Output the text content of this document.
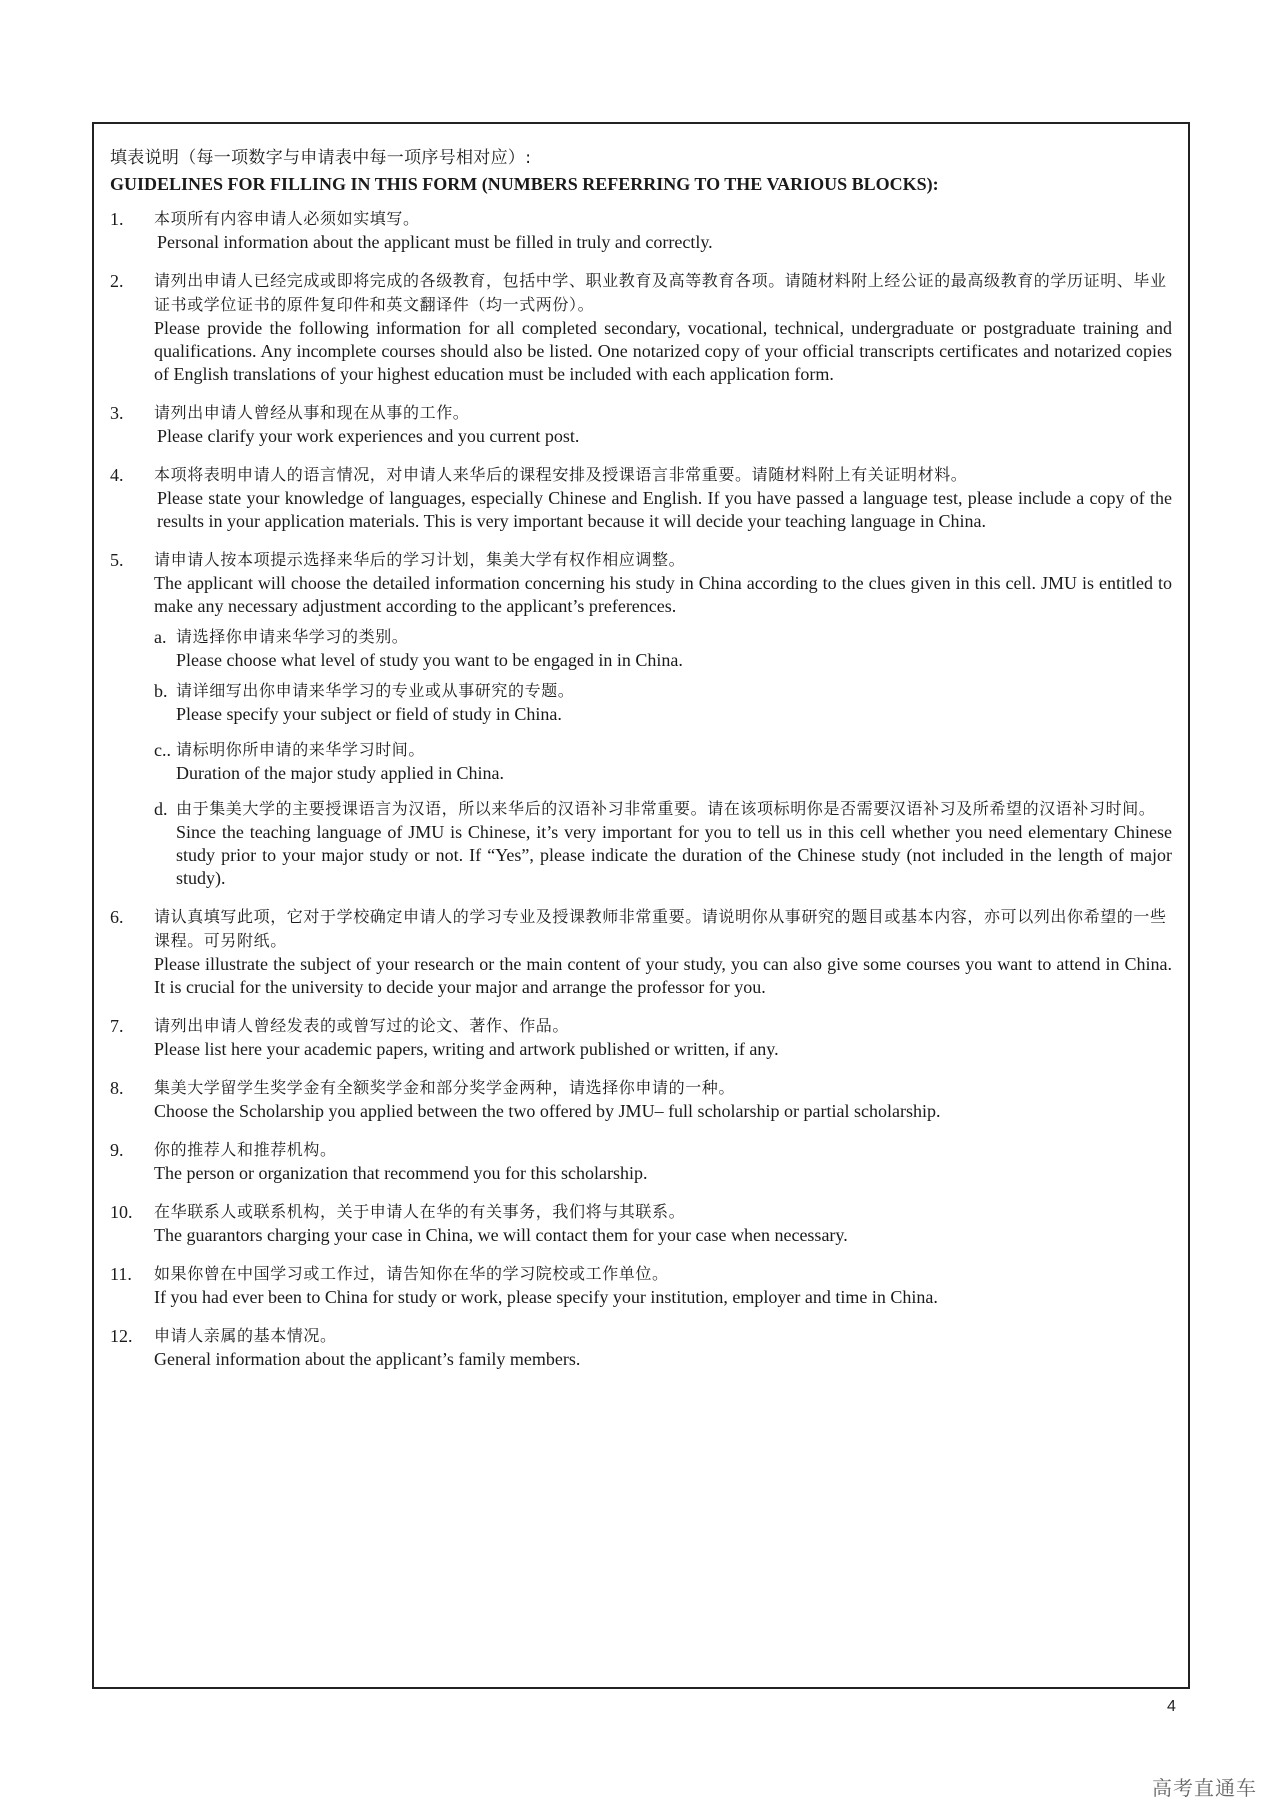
填表说明（每一项数字与申请表中每一项序号相对应）:
GUIDELINES FOR FILLING IN THIS FORM (NUMBERS REFERRING TO THE VARIOUS BLOCKS):
1.	本项所有内容申请人必须如实填写。
Personal information about the applicant must be filled in truly and correctly.
2.	请列出申请人已经完成或即将完成的各级教育，包括中学、职业教育及高等教育各项。请随材料附上经公证的最高级教育的学历证明、毕业证书或学位证书的原件复印件和英文翻译件（均一式两份）。
Please provide the following information for all completed secondary, vocational, technical, undergraduate or postgraduate training and qualifications. Any incomplete courses should also be listed. One notarized copy of your official transcripts certificates and notarized copies of English translations of your highest education must be included with each application form.
3.	请列出申请人曾经从事和现在从事的工作。
Please clarify your work experiences and you current post.
4.	本项将表明申请人的语言情况，对申请人来华后的课程安排及授课语言非常重要。请随材料附上有关证明材料。
Please state your knowledge of languages, especially Chinese and English. If you have passed a language test, please include a copy of the results in your application materials. This is very important because it will decide your teaching language in China.
5.	请申请人按本项提示选择来华后的学习计划，集美大学有权作相应调整。
The applicant will choose the detailed information concerning his study in China according to the clues given in this cell. JMU is entitled to make any necessary adjustment according to the applicant’s preferences.
a. 请选择你申请来华学习的类别。
Please choose what level of study you want to be engaged in in China.
b. 请详细写出你申请来华学习的专业或从事研究的专题。
Please specify your subject or field of study in China.
c.. 请标明你所申请的来华学习时间。
Duration of the major study applied in China.
d. 由于集美大学的主要授课语言为汉语，所以来华后的汉语补习非常重要。请在该项标明你是否需要汉语补习及所希望的汉语补习时间。
Since the teaching language of JMU is Chinese, it’s very important for you to tell us in this cell whether you need elementary Chinese study prior to your major study or not. If “Yes”, please indicate the duration of the Chinese study (not included in the length of major study).
6.	请认真填写此项，它对于学校确定申请人的学习专业及授课教师非常重要。请说明你从事研究的题目或基本内容，亦可以列出你希望的一些课程。可另附纸。
Please illustrate the subject of your research or the main content of your study, you can also give some courses you want to attend in China. It is crucial for the university to decide your major and arrange the professor for you.
7.	请列出申请人曾经发表的或曾写过的论文、著作、作品。
Please list here your academic papers, writing and artwork published or written, if any.
8.	集美大学留学生奖学金有全额奖学金和部分奖学金两种，请选择你申请的一种。
Choose the Scholarship you applied between the two offered by JMU– full scholarship or partial scholarship.
9.	你的推荐人和推荐机构。
The person or organization that recommend you for this scholarship.
10.	在华联系人或联系机构，关于申请人在华的有关事务，我们将与其联系。
The guarantors charging your case in China, we will contact them for your case when necessary.
11.	如果你曾在中国学习或工作过，请告知你在华的学习院校或工作单位。
If you had ever been to China for study or work, please specify your institution, employer and time in China.
12.	申请人亲属的基本情况。
General information about the applicant’s family members.
4
高考直通车
